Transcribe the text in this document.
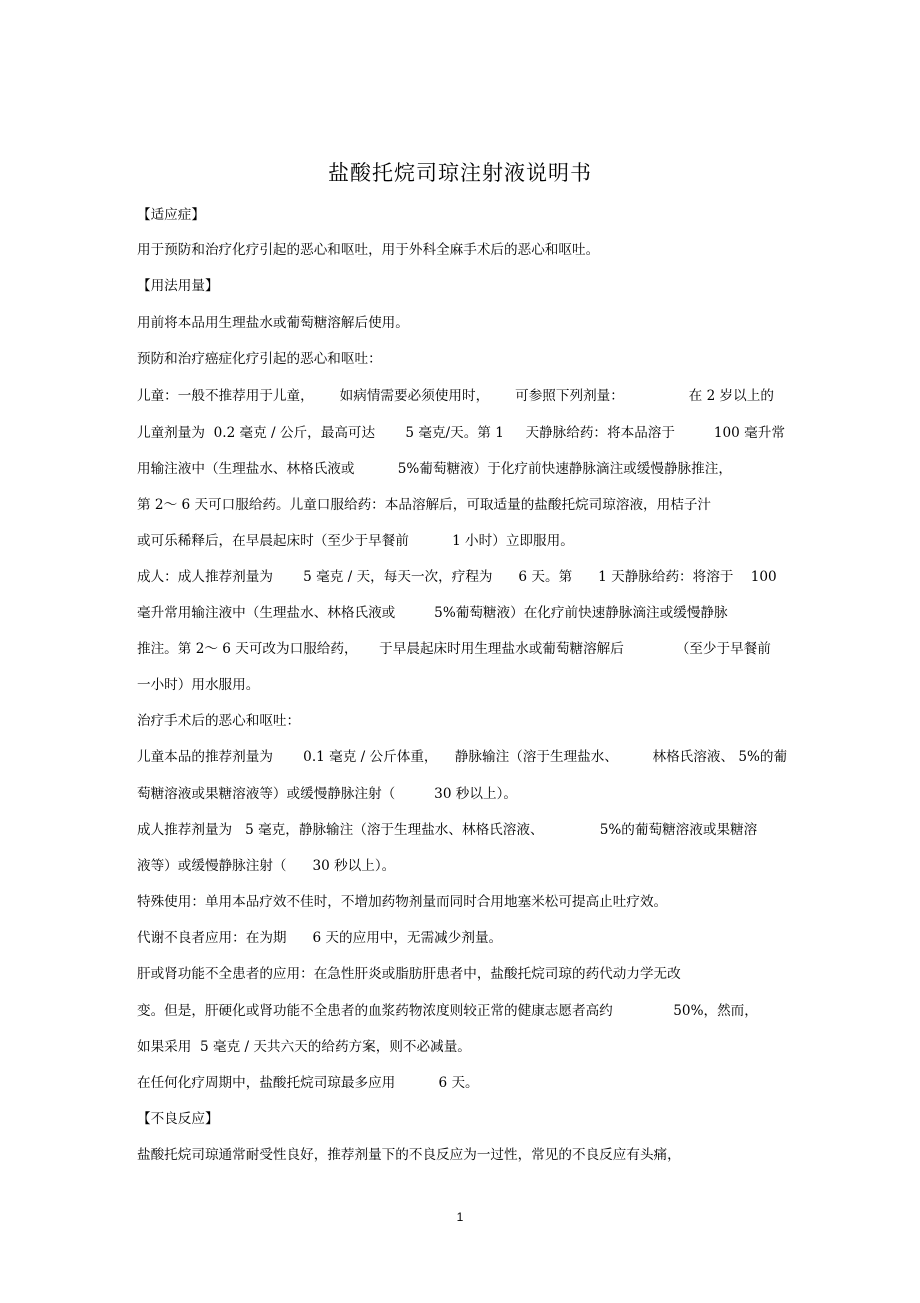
盐酸托烷司琼注射液说明书
【适应症】
用于预防和治疗化疗引起的恶心和呕吐，用于外科全麻手术后的恶心和呕吐。
【用法用量】
用前将本品用生理盐水或葡萄糖溶解后使用。
预防和治疗癌症化疗引起的恶心和呕吐：
儿童：一般不推荐用于儿童，      如病情需要必须使用时，      可参照下列剂量：               在 2 岁以上的
儿童剂量为  0.2 毫克 / 公斤，最高可达       5 毫克/天。第 1     天静脉给药：将本品溶于         100 毫升常
用输注液中（生理盐水、林格氏液或          5%葡萄糖液）于化疗前快速静脉滴注或缓慢静脉推注，
第 2～ 6 天可口服给药。儿童口服给药：本品溶解后，可取适量的盐酸托烷司琼溶液，用桔子汁
或可乐稀释后，在早晨起床时（至少于早餐前          1 小时）立即服用。
成人：成人推荐剂量为       5 毫克 / 天，每天一次，疗程为      6 天。第      1 天静脉给药：将溶于    100
毫升常用输注液中（生理盐水、林格氏液或         5%葡萄糖液）在化疗前快速静脉滴注或缓慢静脉
推注。第 2～ 6 天可改为口服给药，     于早晨起床时用生理盐水或葡萄糖溶解后            （至少于早餐前
一小时）用水服用。
治疗手术后的恶心和呕吐：
儿童本品的推荐剂量为       0.1 毫克 / 公斤体重，    静脉输注（溶于生理盐水、        林格氏溶液、 5%的葡
萄糖溶液或果糖溶液等）或缓慢静脉注射（         30 秒以上）。
成人推荐剂量为   5 毫克，静脉输注（溶于生理盐水、林格氏溶液、             5%的葡萄糖溶液或果糖溶
液等）或缓慢静脉注射（      30 秒以上）。
特殊使用：单用本品疗效不佳时，不增加药物剂量而同时合用地塞米松可提高止吐疗效。
代谢不良者应用：在为期      6 天的应用中，无需减少剂量。
肝或肾功能不全患者的应用：在急性肝炎或脂肪肝患者中，盐酸托烷司琼的药代动力学无改
变。但是，肝硬化或肾功能不全患者的血浆药物浓度则较正常的健康志愿者高约              50%，然而，
如果采用  5 毫克 / 天共六天的给药方案，则不必减量。
在任何化疗周期中，盐酸托烷司琼最多应用          6 天。
【不良反应】
盐酸托烷司琼通常耐受性良好，推荐剂量下的不良反应为一过性，常见的不良反应有头痛，
1
